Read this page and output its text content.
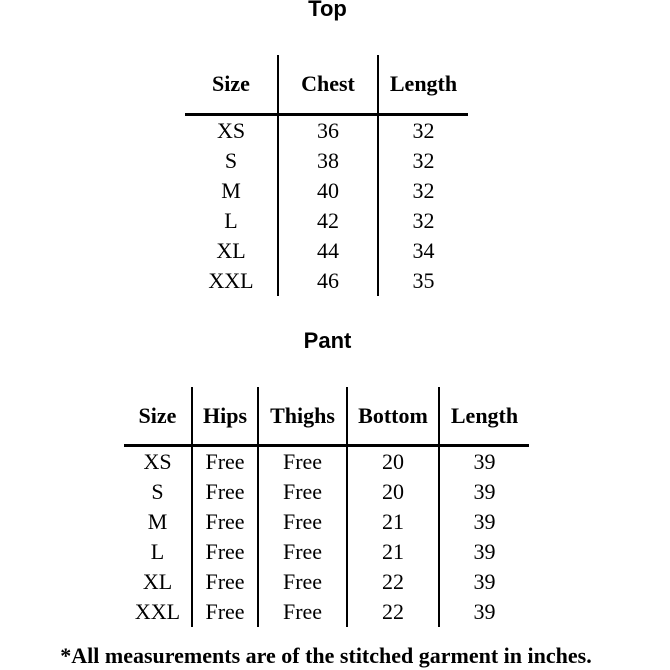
Top
Size	Chest	Length
XS	36	32
S	38	32
M	40	32
L	42	32
XL	44	34
XXL	46	35
Pant
Size	Hips	Thighs	Bottom	Length
XS	Free	Free	20	39
S	Free	Free	20	39
M	Free	Free	21	39
L	Free	Free	21	39
XL	Free	Free	22	39
XXL	Free	Free	22	39

*All measurements are of the stitched garment in inches.
